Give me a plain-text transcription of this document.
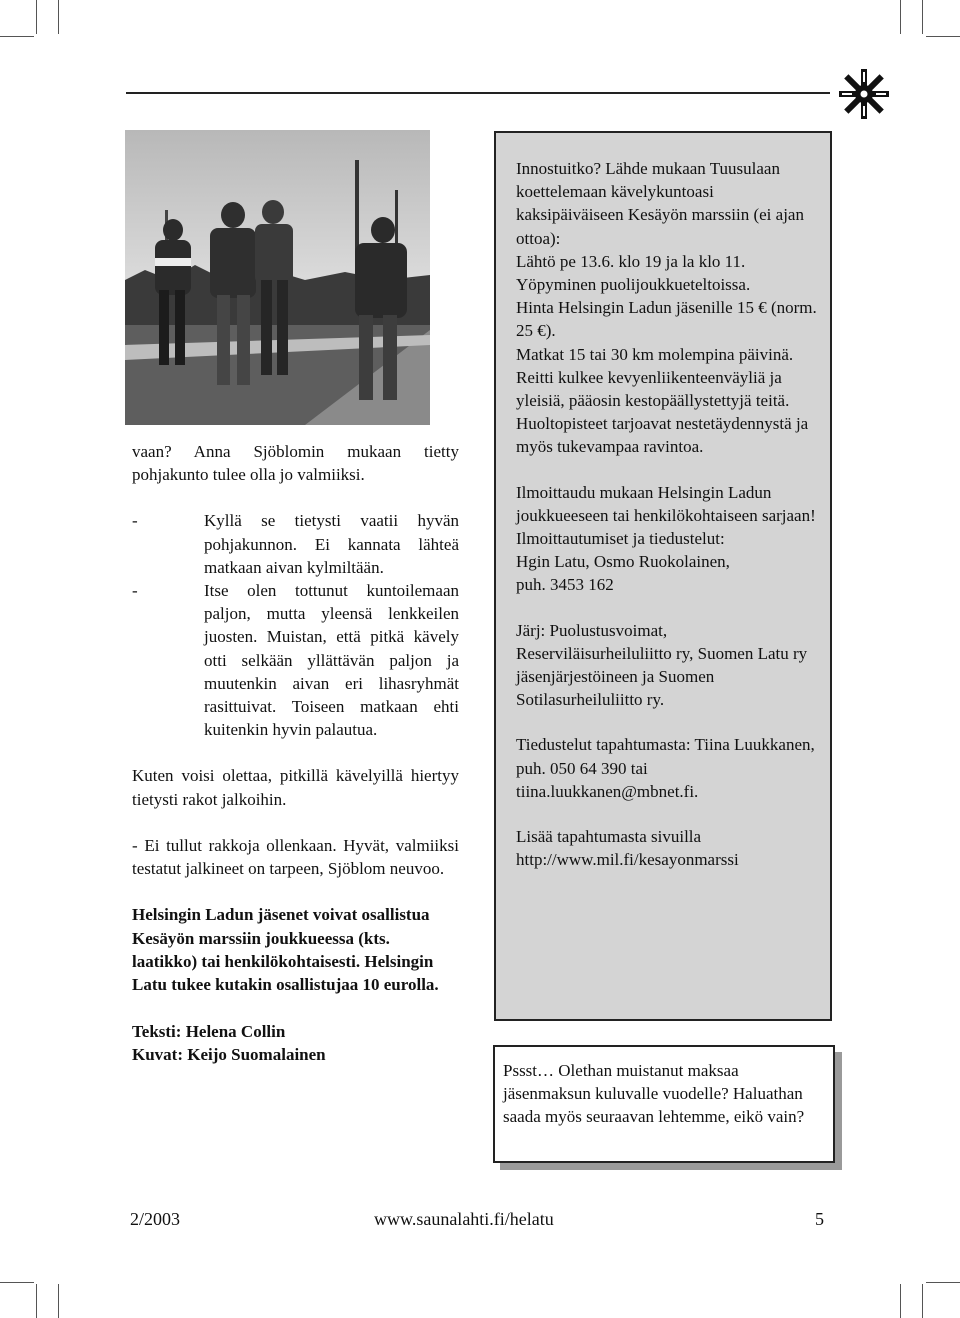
vaan? Anna Sjöblomin mukaan tietty pohjakunto tulee olla jo valmiiksi.

-	Kyllä se tietysti vaatii hyvän pohjakunnon. Ei kannata lähteä matkaan aivan kylmiltään.
-	Itse olen tottunut kuntoilemaan paljon, mutta yleensä lenkkeilen juosten. Muistan, että pitkä kävely otti selkään yllättävän paljon ja muutenkin aivan eri lihasryhmät rasittuivat. Toiseen matkaan ehti kuitenkin hyvin palautua.

Kuten voisi olettaa, pitkillä kävelyillä hiertyy tietysti rakot jalkoihin.

- Ei tullut rakkoja ollenkaan. Hyvät, valmiiksi testatut jalkineet on tarpeen, Sjöblom neuvoo.

Helsingin Ladun jäsenet voivat osallistua Kesäyön marssiin joukkueessa (kts. laatikko) tai henkilökohtaisesti. Helsingin Latu tukee kutakin osallistujaa 10 eurolla.

Teksti: Helena Collin

Kuvat: Keijo Suomalainen

Innostuitko? Lähde mukaan Tuusulaan koettelemaan kävelykuntoasi kaksipäiväiseen Kesäyön marssiin (ei ajan ottoa):

Lähtö pe 13.6. klo 19 ja la klo 11.

Yöpyminen puolijoukkueteltoissa.

Hinta Helsingin Ladun jäsenille 15 € (norm. 25 €).

Matkat 15 tai 30 km molempina päivinä.

Reitti kulkee kevyenliikenteenväyliä ja yleisiä, pääosin kestopäällystettyjä teitä.

Huoltopisteet tarjoavat nestetäydennystä ja myös tukevampaa ravintoa.

Ilmoittaudu mukaan Helsingin Ladun joukkueeseen tai henkilökohtaiseen sarjaan!

Ilmoittautumiset ja tiedustelut:

Hgin Latu, Osmo Ruokolainen,

puh. 3453 162

Järj: Puolustusvoimat, Reserviläisurheiluliitto ry, Suomen Latu ry jäsenjärjestöineen ja Suomen Sotilasurheiluliitto ry.

Tiedustelut tapahtumasta: Tiina Luukkanen, puh. 050 64 390 tai tiina.luukkanen@mbnet.fi.

Lisää tapahtumasta sivuilla

http://www.mil.fi/kesayonmarssi

Pssst… Olethan muistanut maksaa jäsenmaksun kuluvalle vuodelle? Haluathan saada myös seuraavan lehtemme, eikö vain?
2/2003	www.saunalahti.fi/helatu	5
